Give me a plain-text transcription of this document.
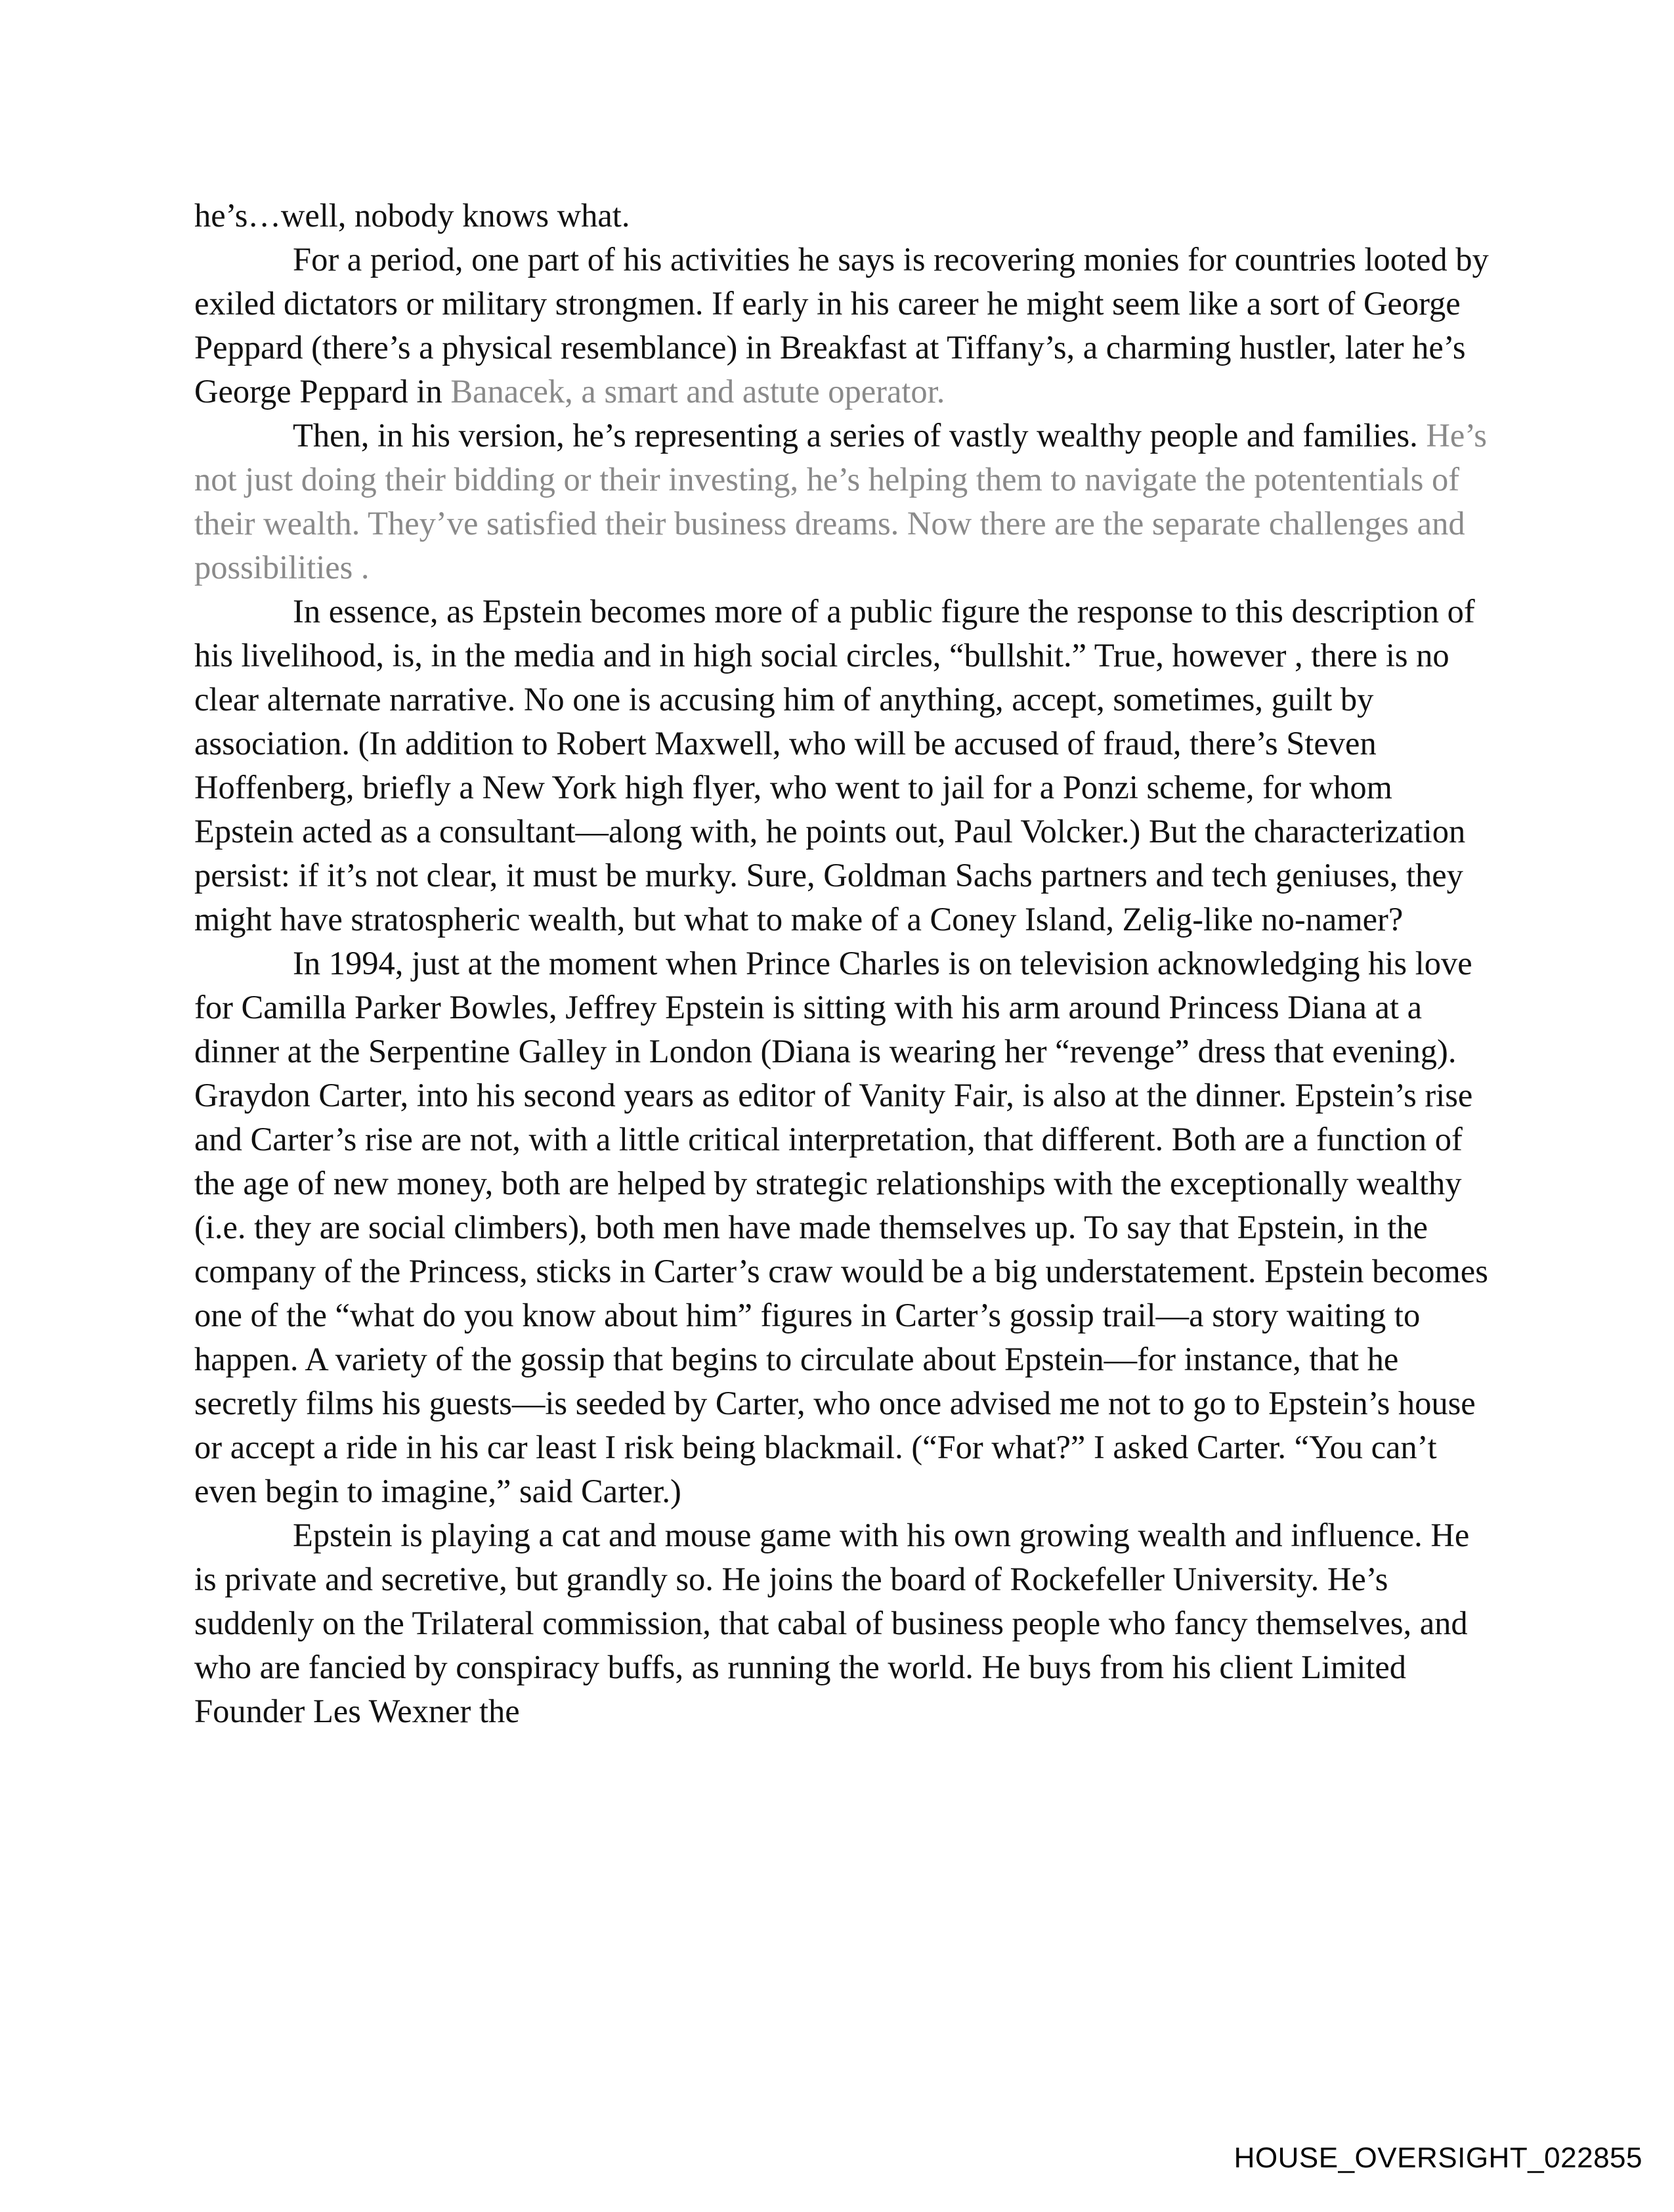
he’s…well, nobody knows what.

For a period, one part of his activities he says is recovering monies for countries looted by exiled dictators or military strongmen. If early in his career he might seem like a sort of George Peppard (there’s a physical resemblance) in Breakfast at Tiffany’s, a charming hustler, later he’s George Peppard in Banacek, a smart and astute operator.

Then, in his version, he’s representing a series of vastly wealthy people and families. He’s not just doing their bidding or their investing, he’s helping them to navigate the potententials of their wealth. They’ve satisfied their business dreams. Now there are the separate challenges and possibilities .

In essence, as Epstein becomes more of a public figure the response to this description of his livelihood, is, in the media and in high social circles, “bullshit.” True, however , there is no clear alternate narrative. No one is accusing him of anything, accept, sometimes, guilt by association. (In addition to Robert Maxwell, who will be accused of fraud, there’s Steven Hoffenberg, briefly a New York high flyer, who went to jail for a Ponzi scheme, for whom Epstein acted as a consultant—along with, he points out, Paul Volcker.) But the characterization persist: if it’s not clear, it must be murky. Sure, Goldman Sachs partners and tech geniuses, they might have stratospheric wealth, but what to make of a Coney Island, Zelig-like no-namer?

In 1994, just at the moment when Prince Charles is on television acknowledging his love for Camilla Parker Bowles, Jeffrey Epstein is sitting with his arm around Princess Diana at a dinner at the Serpentine Galley in London (Diana is wearing her “revenge” dress that evening). Graydon Carter, into his second years as editor of Vanity Fair, is also at the dinner. Epstein’s rise and Carter’s rise are not, with a little critical interpretation, that different. Both are a function of the age of new money, both are helped by strategic relationships with the exceptionally wealthy (i.e. they are social climbers), both men have made themselves up. To say that Epstein, in the company of the Princess, sticks in Carter’s craw would be a big understatement. Epstein becomes one of the “what do you know about him” figures in Carter’s gossip trail—a story waiting to happen. A variety of the gossip that begins to circulate about Epstein—for instance, that he secretly films his guests—is seeded by Carter, who once advised me not to go to Epstein’s house or accept a ride in his car least I risk being blackmail. (“For what?” I asked Carter. “You can’t even begin to imagine,” said Carter.)

Epstein is playing a cat and mouse game with his own growing wealth and influence. He is private and secretive, but grandly so. He joins the board of Rockefeller University. He’s suddenly on the Trilateral commission, that cabal of business people who fancy themselves, and who are fancied by conspiracy buffs, as running the world. He buys from his client Limited Founder Les Wexner the

HOUSE_OVERSIGHT_022855
